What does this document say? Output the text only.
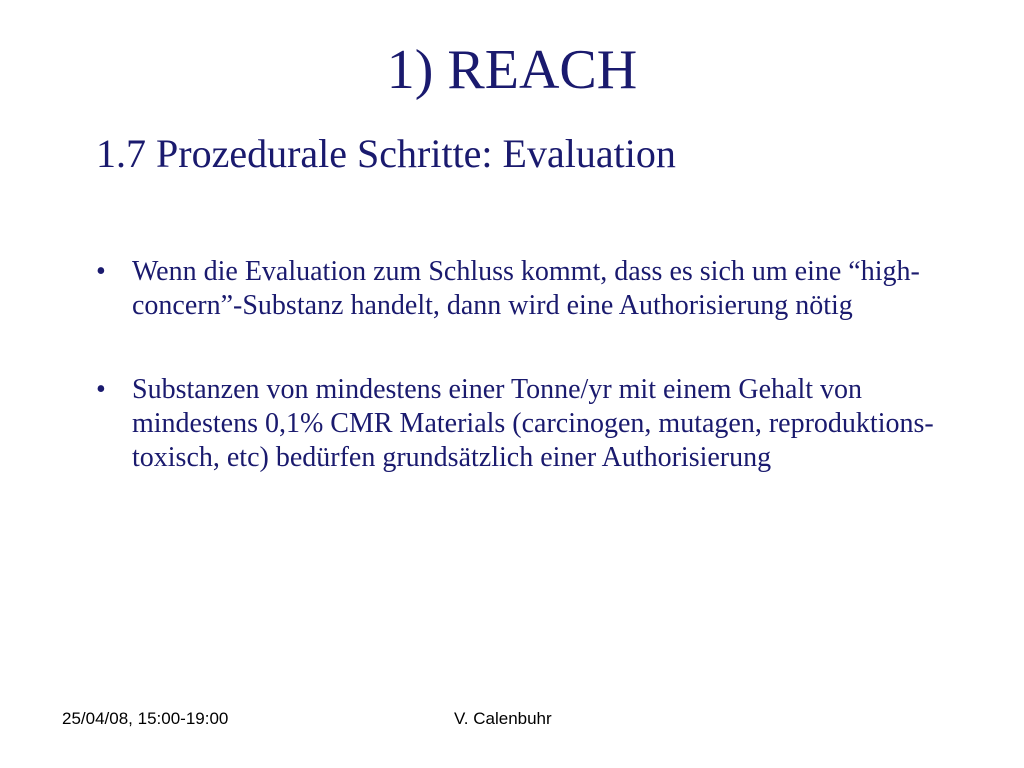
1) REACH
1.7 Prozedurale Schritte: Evaluation
• Wenn die Evaluation zum Schluss kommt, dass es sich um eine “high-concern”-Substanz handelt, dann wird eine Authorisierung nötig
• Substanzen von mindestens einer Tonne/yr mit einem Gehalt von mindestens 0,1% CMR Materials (carcinogen, mutagen, reproduktions-toxisch, etc) bedürfen grundsätzlich einer Authorisierung
25/04/08, 15:00-19:00	V. Calenbuhr
